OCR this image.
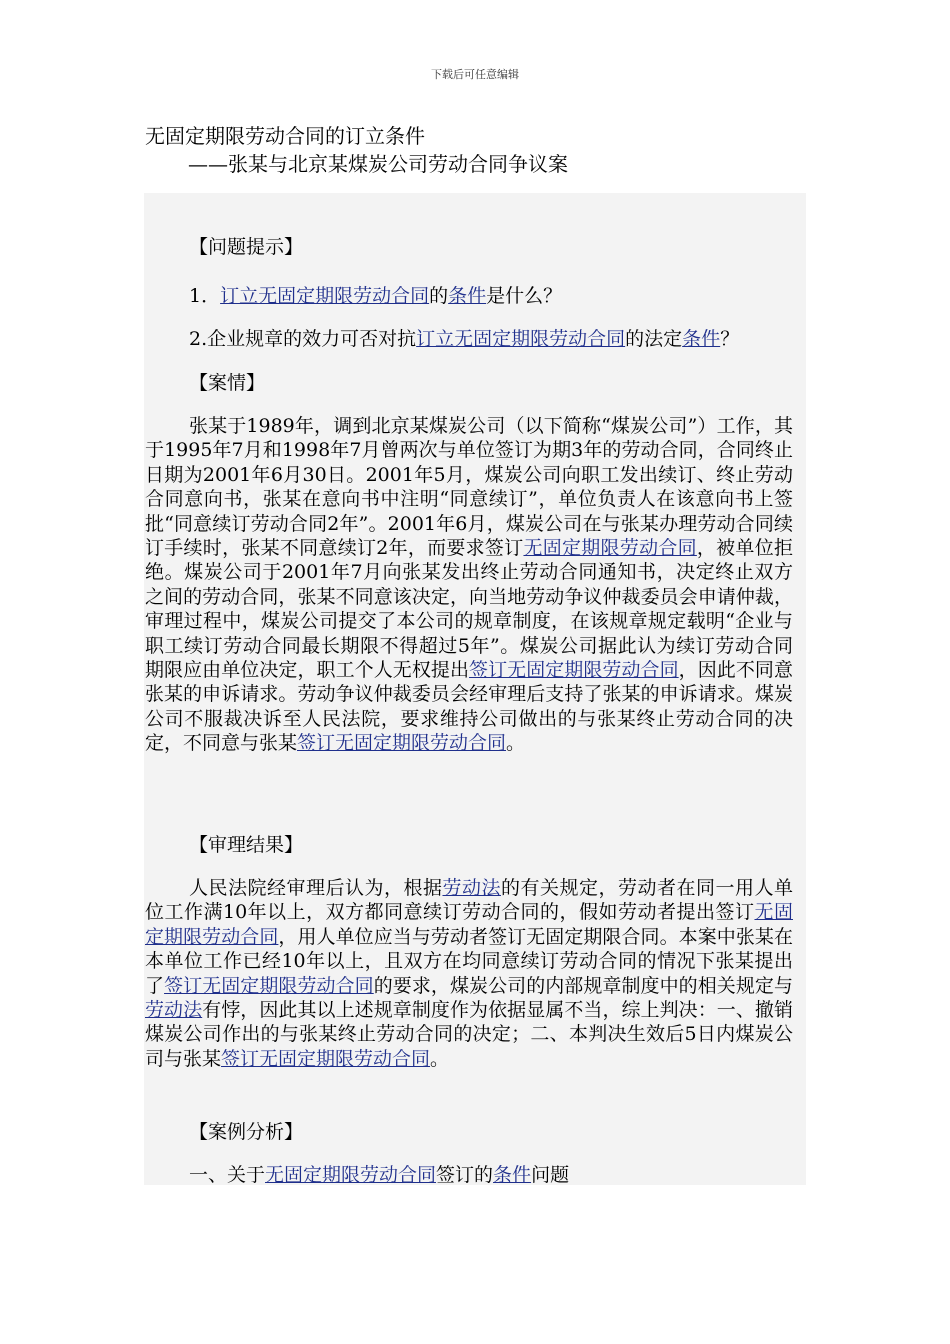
下载后可任意编辑
无固定期限劳动合同的订立条件
——张某与北京某煤炭公司劳动合同争议案

【问题提示】

1．订立无固定期限劳动合同的条件是什么？

2.企业规章的效力可否对抗订立无固定期限劳动合同的法定条件？

【案情】

张某于1989年，调到北京某煤炭公司（以下简称“煤炭公司”）工作，其于1995年7月和1998年7月曾两次与单位签订为期3年的劳动合同，合同终止日期为2001年6月30日。2001年5月，煤炭公司向职工发出续订、终止劳动合同意向书，张某在意向书中注明“同意续订”，单位负责人在该意向书上签批“同意续订劳动合同2年”。2001年6月，煤炭公司在与张某办理劳动合同续订手续时，张某不同意续订2年，而要求签订无固定期限劳动合同，被单位拒绝。煤炭公司于2001年7月向张某发出终止劳动合同通知书，决定终止双方之间的劳动合同，张某不同意该决定，向当地劳动争议仲裁委员会申请仲裁，审理过程中，煤炭公司提交了本公司的规章制度，在该规章规定载明“企业与职工续订劳动合同最长期限不得超过5年”。煤炭公司据此认为续订劳动合同期限应由单位决定，职工个人无权提出签订无固定期限劳动合同，因此不同意张某的申诉请求。劳动争议仲裁委员会经审理后支持了张某的申诉请求。煤炭公司不服裁决诉至人民法院，要求维持公司做出的与张某终止劳动合同的决定，不同意与张某签订无固定期限劳动合同。

【审理结果】

人民法院经审理后认为，根据劳动法的有关规定，劳动者在同一用人单位工作满10年以上，双方都同意续订劳动合同的，假如劳动者提出签订无固定期限劳动合同，用人单位应当与劳动者签订无固定期限合同。本案中张某在本单位工作已经10年以上，且双方在均同意续订劳动合同的情况下张某提出了签订无固定期限劳动合同的要求，煤炭公司的内部规章制度中的相关规定与劳动法有悖，因此其以上述规章制度作为依据显属不当，综上判决：一、撤销煤炭公司作出的与张某终止劳动合同的决定；二、本判决生效后5日内煤炭公司与张某签订无固定期限劳动合同。

【案例分析】

一、关于无固定期限劳动合同签订的条件问题
